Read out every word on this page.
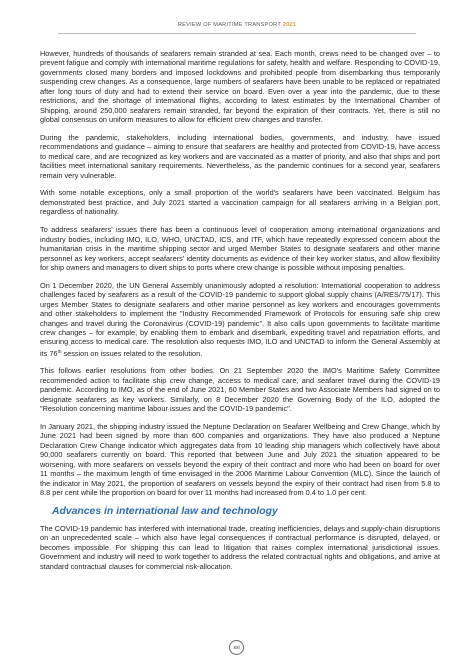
REVIEW OF MARITIME TRANSPORT 2021

However, hundreds of thousands of seafarers remain stranded at sea. Each month, crews need to be changed over – to prevent fatigue and comply with international maritime regulations for safety, health and welfare. Responding to COVID-19, governments closed many borders and imposed lockdowns and prohibited people from disembarking thus temporarily suspending crew changes. As a consequence, large numbers of seafarers have been unable to be replaced or repatriated after long tours of duty and had to extend their service on board. Even over a year into the pandemic, due to these restrictions, and the shortage of international flights, according to latest estimates by the International Chamber of Shipping, around 250,000 seafarers remain stranded, far beyond the expiration of their contracts. Yet, there is still no global consensus on uniform measures to allow for efficient crew changes and transfer.

During the pandemic, stakeholders, including international bodies, governments, and industry, have issued recommendations and guidance – aiming to ensure that seafarers are healthy and protected from COVID-19, have access to medical care, and are recognized as key workers and are vaccinated as a matter of priority, and also that ships and port facilities meet international sanitary requirements. Nevertheless, as the pandemic continues for a second year, seafarers remain very vulnerable.

With some notable exceptions, only a small proportion of the world's seafarers have been vaccinated. Belgium has demonstrated best practice, and July 2021 started a vaccination campaign for all seafarers arriving in a Belgian port, regardless of nationality.

To address seafarers' issues there has been a continuous level of cooperation among international organizations and industry bodies, including IMO, ILO, WHO, UNCTAD, ICS, and ITF, which have repeatedly expressed concern about the humanitarian crisis in the maritime shipping sector and urged Member States to designate seafarers and other marine personnel as key workers, accept seafarers' identity documents as evidence of their key worker status, and allow flexibility for ship owners and managers to divert ships to ports where crew change is possible without imposing penalties.

On 1 December 2020, the UN General Assembly unanimously adopted a resolution: International cooperation to address challenges faced by seafarers as a result of the COVID-19 pandemic to support global supply chains (A/RES/75/17). This urges Member States to designate seafarers and other marine personnel as key workers and encourages governments and other stakeholders to implement the "Industry Recommended Framework of Protocols for ensuring safe ship crew changes and travel during the Coronavirus (COVID-19) pandemic". It also calls upon governments to facilitate maritime crew changes – for example, by enabling them to embark and disembark, expediting travel and repatriation efforts, and ensuring access to medical care. The resolution also requests IMO, ILO and UNCTAD to inform the General Assembly at its 76th session on issues related to the resolution.

This follows earlier resolutions from other bodies. On 21 September 2020 the IMO's Maritime Safety Committee recommended action to facilitate ship crew change, access to medical care, and seafarer travel during the COVID-19 pandemic. According to IMO, as of the end of June 2021, 60 Member States and two Associate Members had signed on to designate seafarers as key workers. Similarly, on 8 December 2020 the Governing Body of the ILO, adopted the "Resolution concerning maritime labour issues and the COVID-19 pandemic".

In January 2021, the shipping industry issued the Neptune Declaration on Seafarer Wellbeing and Crew Change, which by June 2021 had been signed by more than 600 companies and organizations. They have also produced a Neptune Declaration Crew Change indicator which aggregates data from 10 leading ship managers which collectively have about 90,000 seafarers currently on board. This reported that between June and July 2021 the situation appeared to be worsening, with more seafarers on vessels beyond the expiry of their contract and more who had been on board for over 11 months – the maximum length of time envisaged in the 2006 Maritime Labour Convention (MLC). Since the launch of the indicator in May 2021, the proportion of seafarers on vessels beyond the expiry of their contract had risen from 5.8 to 8.8 per cent while the proportion on board for over 11 months had increased from 0.4 to 1.0 per cent.

Advances in international law and technology

The COVID-19 pandemic has interfered with international trade, creating inefficiencies, delays and supply-chain disruptions on an unprecedented scale – which also have legal consequences if contractual performance is disrupted, delayed, or becomes impossible. For shipping this can lead to litigation that raises complex international jurisdictional issues. Government and industry will need to work together to address the related contractual rights and obligations, and arrive at standard contractual clauses for commercial risk-allocation.

xxi
